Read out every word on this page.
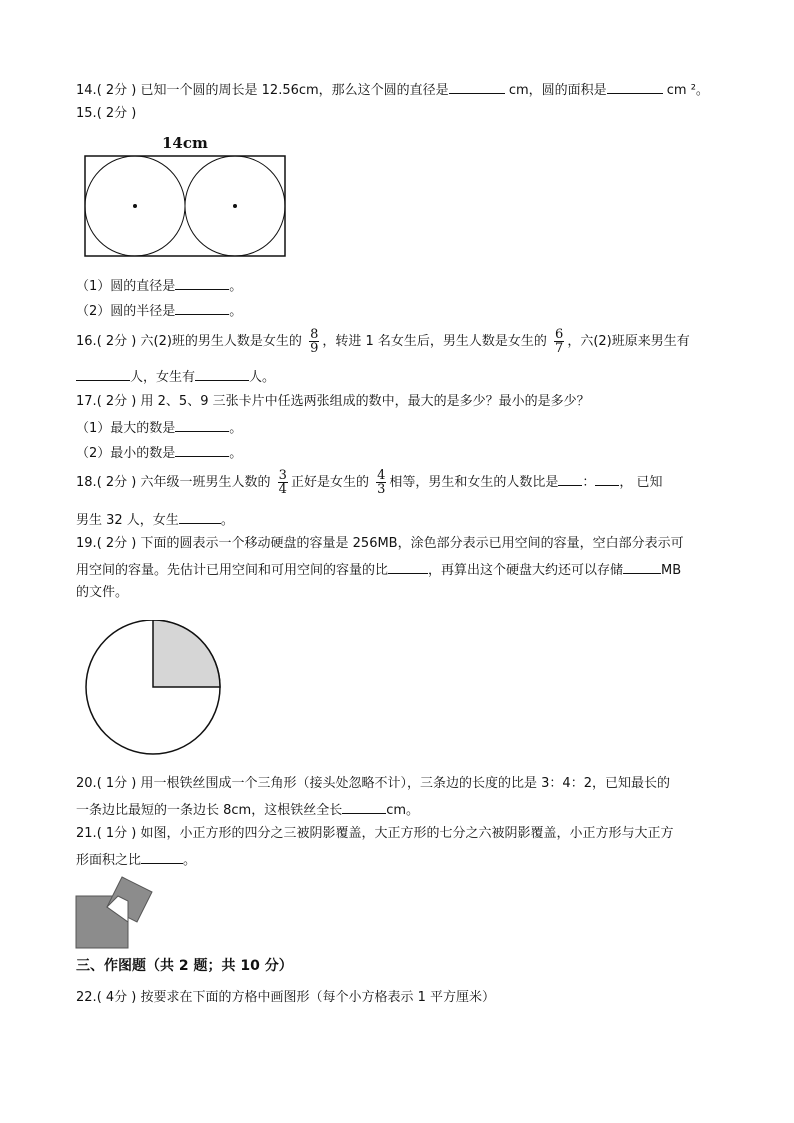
14.( 2分 ) 已知一个圆的周长是 12.56cm，那么这个圆的直径是	cm，圆的面积是	cm ²。
15.( 2分 )
14cm
（1）圆的直径是	。
（2）圆的半径是	。
16.( 2分 ) 六(2)班的男生人数是女生的 $\frac{8}{9}$ ，转进 1 名女生后，男生人数是女生的 $\frac{6}{7}$ ，六(2)班原来男生有
人，女生有	人。
17.( 2分 ) 用 2、5、9 三张卡片中任选两张组成的数中，最大的是多少？最小的是多少？
（1）最大的数是	。
（2）最小的数是	。
18.( 2分 ) 六年级一班男生人数的 $\frac{3}{4}$ 正好是女生的 $\frac{4}{3}$ 相等，男生和女生的人数比是 ： ， 已知
男生 32 人，女生	。
19.( 2分 ) 下面的圆表示一个移动硬盘的容量是 256MB，涂色部分表示已用空间的容量，空白部分表示可
用空间的容量。先估计已用空间和可用空间的容量的比	，再算出这个硬盘大约还可以存储	MB
的文件。
20.( 1分 ) 用一根铁丝围成一个三角形（接头处忽略不计），三条边的长度的比是 3：4：2，已知最长的
一条边比最短的一条边长 8cm，这根铁丝全长	cm。
21.( 1分 ) 如图，小正方形的四分之三被阴影覆盖，大正方形的七分之六被阴影覆盖，小正方形与大正方
形面积之比	。
三、作图题（共 2 题；共 10 分）
22.( 4分 ) 按要求在下面的方格中画图形（每个小方格表示 1 平方厘米）
